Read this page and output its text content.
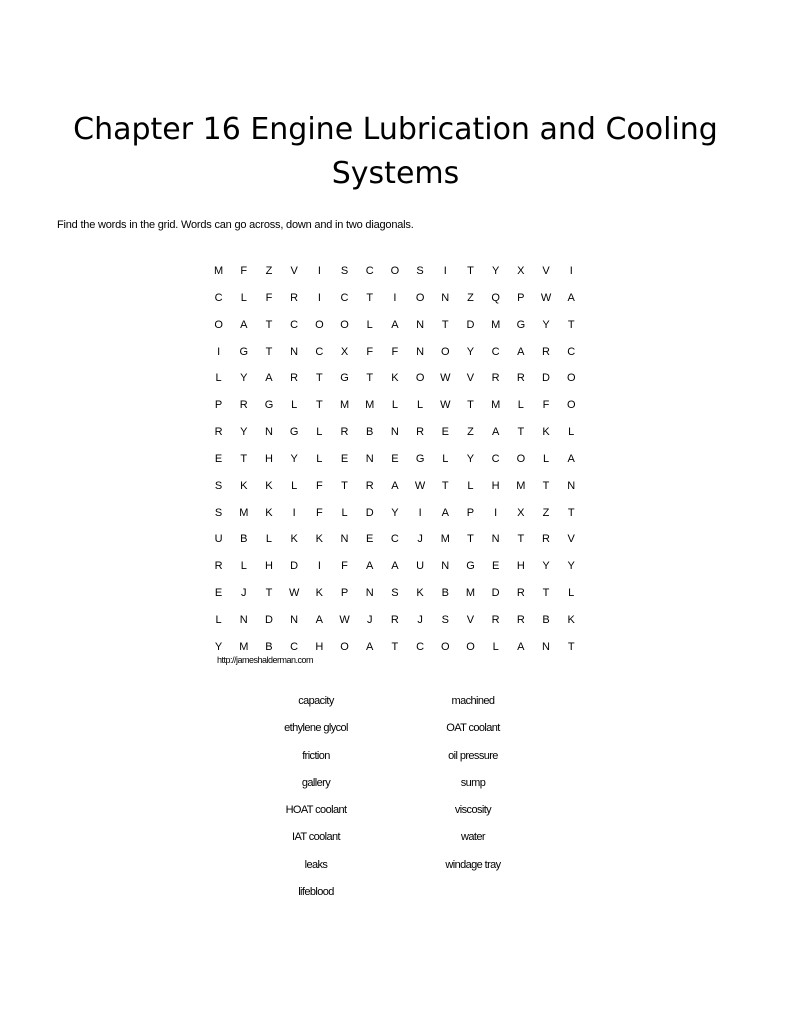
Chapter 16 Engine Lubrication and Cooling
Systems

Find the words in the grid. Words can go across, down and in two diagonals.

M	F	Z	V	I	S	C	O	S	I	T	Y	X	V	I
C	L	F	R	I	C	T	I	O	N	Z	Q	P	W	A
O	A	T	C	O	O	L	A	N	T	D	M	G	Y	T
I	G	T	N	C	X	F	F	N	O	Y	C	A	R	C
L	Y	A	R	T	G	T	K	O	W	V	R	R	D	O
P	R	G	L	T	M	M	L	L	W	T	M	L	F	O
R	Y	N	G	L	R	B	N	R	E	Z	A	T	K	L
E	T	H	Y	L	E	N	E	G	L	Y	C	O	L	A
S	K	K	L	F	T	R	A	W	T	L	H	M	T	N
S	M	K	I	F	L	D	Y	I	A	P	I	X	Z	T
U	B	L	K	K	N	E	C	J	M	T	N	T	R	V
R	L	H	D	I	F	A	A	U	N	G	E	H	Y	Y
E	J	T	W	K	P	N	S	K	B	M	D	R	T	L
L	N	D	N	A	W	J	R	J	S	V	R	R	B	K
Y	M	B	C	H	O	A	T	C	O	O	L	A	N	T
http://jameshalderman.com
capacity
ethylene glycol
friction
gallery
HOAT coolant
IAT coolant
leaks
lifeblood
machined
OAT coolant
oil pressure
sump
viscosity
water
windage tray
